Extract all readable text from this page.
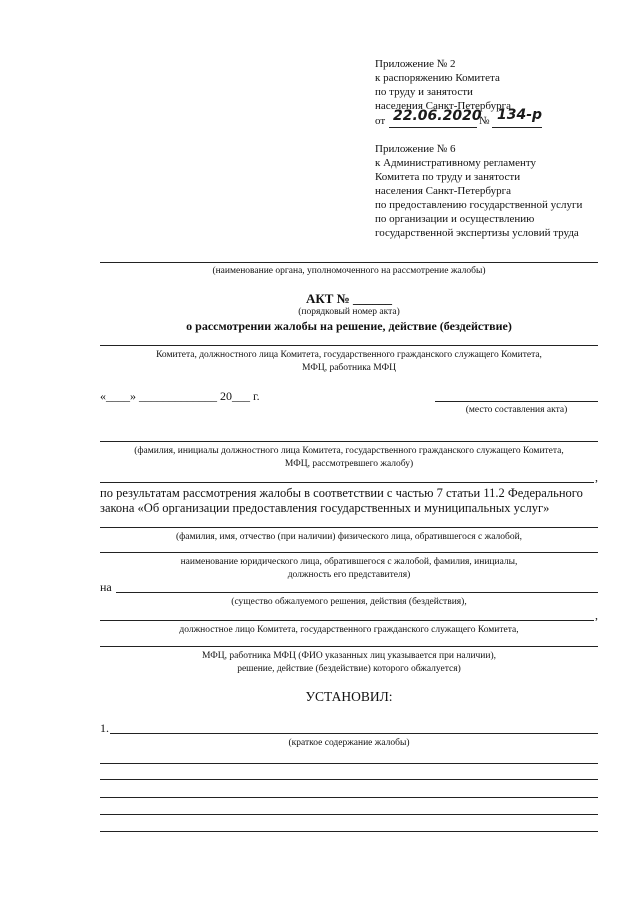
Приложение № 2
к распоряжению Комитета
по труду и занятости
населения Санкт-Петербурга
от 22.06.2020
№ 134-р
Приложение № 6
к Административному регламенту
Комитета по труду и занятости
населения Санкт-Петербурга
по предоставлению государственной услуги
по организации и осуществлению
государственной экспертизы условий труда
(наименование органа, уполномоченного на рассмотрение жалобы)
АКТ № ______
(порядковый номер акта)
о рассмотрении жалобы на решение, действие (бездействие)
Комитета, должностного лица Комитета, государственного гражданского служащего Комитета,
МФЦ, работника МФЦ
«____» _____________ 20___ г.
(место составления акта)
(фамилия, инициалы должностного лица Комитета, государственного гражданского служащего Комитета,
МФЦ, рассмотревшего жалобу)
,
по результатам рассмотрения жалобы в соответствии с частью 7 статьи 11.2 Федерального
закона «Об организации предоставления государственных и муниципальных услуг»
(фамилия, имя, отчество (при наличии) физического лица, обратившегося с жалобой,
наименование юридического лица, обратившегося с жалобой, фамилия, инициалы,
должность его представителя)
на
(существо обжалуемого решения, действия (бездействия),
,
должностное лицо Комитета, государственного гражданского служащего Комитета,
МФЦ, работника МФЦ (ФИО указанных лиц указывается при наличии),
решение, действие (бездействие) которого обжалуется)
УСТАНОВИЛ:
1.
(краткое содержание жалобы)
